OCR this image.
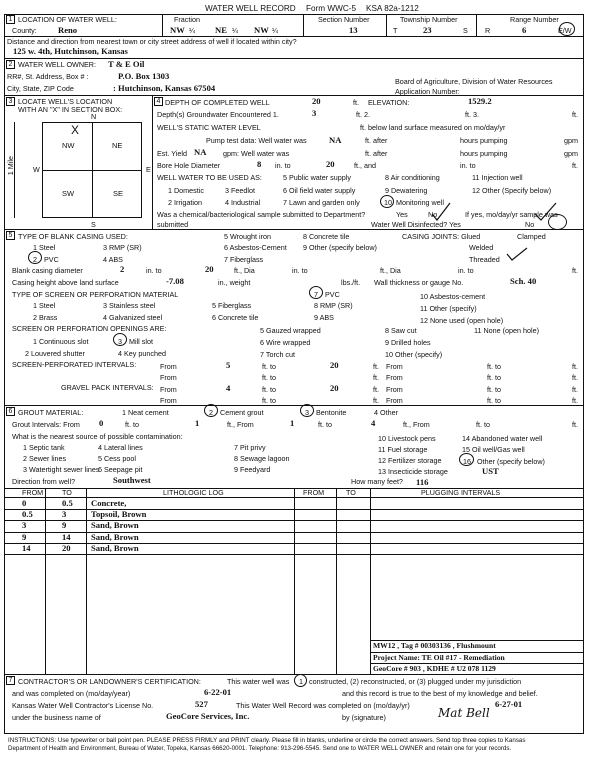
WATER WELL RECORD Form WWC-5 KSA 82a-1212
1 LOCATION OF WATER WELL:
County: Reno
Fraction
NW ¼ NE ¼ NW ¼
Section Number
13
Township Number
T	23	S
Range Number
R	6	E/W
Distance and direction from nearest town or city street address of well if located within city?
125 w. 4th, Hutchinson, Kansas
2 WATER WELL OWNER: T & E Oil
RR#, St. Address, Box # :	P.O. Box 1303
City, State, ZIP Code	: Hutchinson, Kansas 67504
Board of Agriculture, Division of Water Resources
Application Number:
3 LOCATE WELL'S LOCATION
WITH AN "X" IN SECTION BOX:
N
NW	NE
SW	SE
X
W	E
S
1 Mile
4 DEPTH OF COMPLETED WELL	20	ft. ELEVATION:	1529.2
Depth(s) Groundwater Encountered 1.	3	ft. 2.	ft. 3.	ft.
WELL'S STATIC WATER LEVEL	ft. below land surface measured on mo/day/yr
Pump test data: Well water was	NA	ft. after	hours pumping	gpm
Est. Yield NA gpm: Well water was	ft. after	hours pumping	gpm
Bore Hole Diameter	8 in. to	20	ft., and	in. to	ft.
WELL WATER TO BE USED AS:	5 Public water supply	8 Air conditioning	11 Injection well
1 Domestic	3 Feedlot	6 Oil field water supply	9 Dewatering	12 Other (Specify below)
2 Irrigation	4 Industrial	7 Lawn and garden only	10 Monitoring well
Was a chemical/bacteriological sample submitted to Department?	Yes	No	If yes, mo/day/yr sample was
submitted	Water Well Disinfected? Yes	No
5 TYPE OF BLANK CASING USED:	5 Wrought iron	8 Concrete tile	CASING JOINTS: Glued	Clamped
1 Steel	3 RMP (SR)	6 Asbestos-Cement 9 Other (specify below)	Welded
2 PVC	4 ABS	7 Fiberglass	Threaded
Blank casing diameter	2	in. to	20	ft., Dia	in. to	ft., Dia	in. to	ft.
Casing height above land surface	-7.08	in., weight	lbs./ft. Wall thickness or gauge No.	Sch. 40
TYPE OF SCREEN OR PERFORATION MATERIAL	7 PVC	10 Asbestos-cement
1 Steel	3 Stainless steel	5 Fiberglass	8 RMP (SR)	11 Other (specify)
2 Brass	4 Galvanized steel	6 Concrete tile	9 ABS	12 None used (open hole)
SCREEN OR PERFORATION OPENINGS ARE:	5 Gauzed wrapped	8 Saw cut	11 None (open hole)
1 Continuous slot	3 Mill slot	6 Wire wrapped	9 Drilled holes
2 Louvered shutter	4 Key punched	7 Torch cut	10 Other (specify)
SCREEN-PERFORATED INTERVALS:	From	5	ft. to	20	ft. From	ft. to	ft.
From	ft. to	ft. From	ft. to	ft.
GRAVEL PACK INTERVALS: From	4	ft. to	20	ft. From	ft. to	ft.
From	ft. to	ft. From	ft. to	ft.
6 GROUT MATERIAL:	1 Neat cement	2 Cement grout	3 Bentonite	4 Other
Grout Intervals: From 0	ft. to	1	ft., From	1	ft. to	4	ft., From	ft. to	ft.
What is the nearest source of possible contamination:	10 Livestock pens	14 Abandoned water well
1 Septic tank	4 Lateral lines	7 Pit privy	11 Fuel storage	15 Oil well/Gas well
2 Sewer lines	5 Cess pool	8 Sewage lagoon	12 Fertilizer storage	16 Other (specify below)
3 Watertight sewer lines
6 Seepage pit	9 Feedyard	13 Insecticide storage	UST
Direction from well?	Southwest	How many feet? 116
FROM	TO	LITHOLOGIC LOG	FROM	TO	PLUGGING INTERVALS
0	0.5 Concrete,
0.5	3	Topsoil, Brown
3	9	Sand, Brown
9	14 Sand, Brown
14	20 Sand, Brown
MW12 , Tag # 00303136 , Flushmount
Project Name: TE Oil #17 - Remediation
GeoCore # 903 , KDHE # U2 078 1129
7 CONTRACTOR'S OR LANDOWNER'S CERTIFICATION:	This water well was 1 constructed, (2) reconstructed, or (3) plugged under my jurisdiction
and was completed on (mo/day/year)	6-22-01	and this record is true to the best of my knowledge and belief.
Kansas Water Well Contractor's License No.	527	This Water Well Record was completed on (mo/day/yr)	6-27-01
under the business name of	GeoCore Services, Inc.	by (signature)	Mat Bell
INSTRUCTIONS: Use typewriter or ball point pen. PLEASE PRESS FIRMLY and PRINT clearly. Please fill in blanks, underline or circle the correct answers. Send top three copies to Kansas
Department of Health and Environment, Bureau of Water, Topeka, Kansas 66620-0001. Telephone: 913-296-5545. Send one to WATER WELL OWNER and retain one for your records.
